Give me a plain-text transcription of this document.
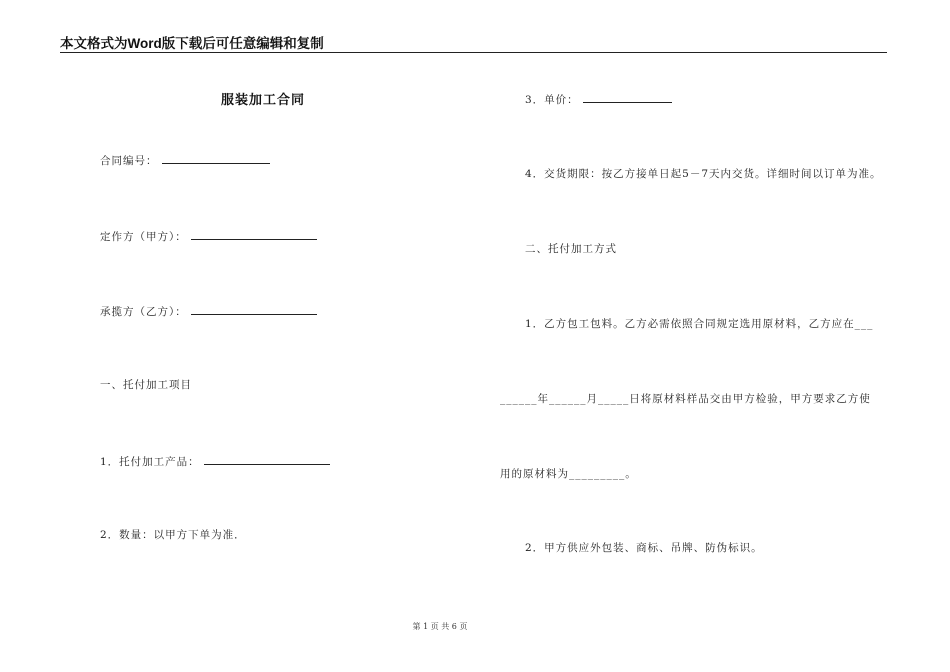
本文格式为Word版下载后可任意编辑和复制
服装加工合同
合同编号：
定作方（甲方）：
承揽方（乙方）：
一、托付加工项目
1．托付加工产品：
2．数量：以甲方下单为准．
3．单价：
4．交货期限：按乙方接单日起5－7天内交货。详细时间以订单为准。
二、托付加工方式
1．乙方包工包料。乙方必需依照合同规定选用原材料，乙方应在___
______年______月_____日将原材料样品交由甲方检验，甲方要求乙方使
用的原材料为_________。
2．甲方供应外包装、商标、吊牌、防伪标识。
第 1 页 共 6 页
